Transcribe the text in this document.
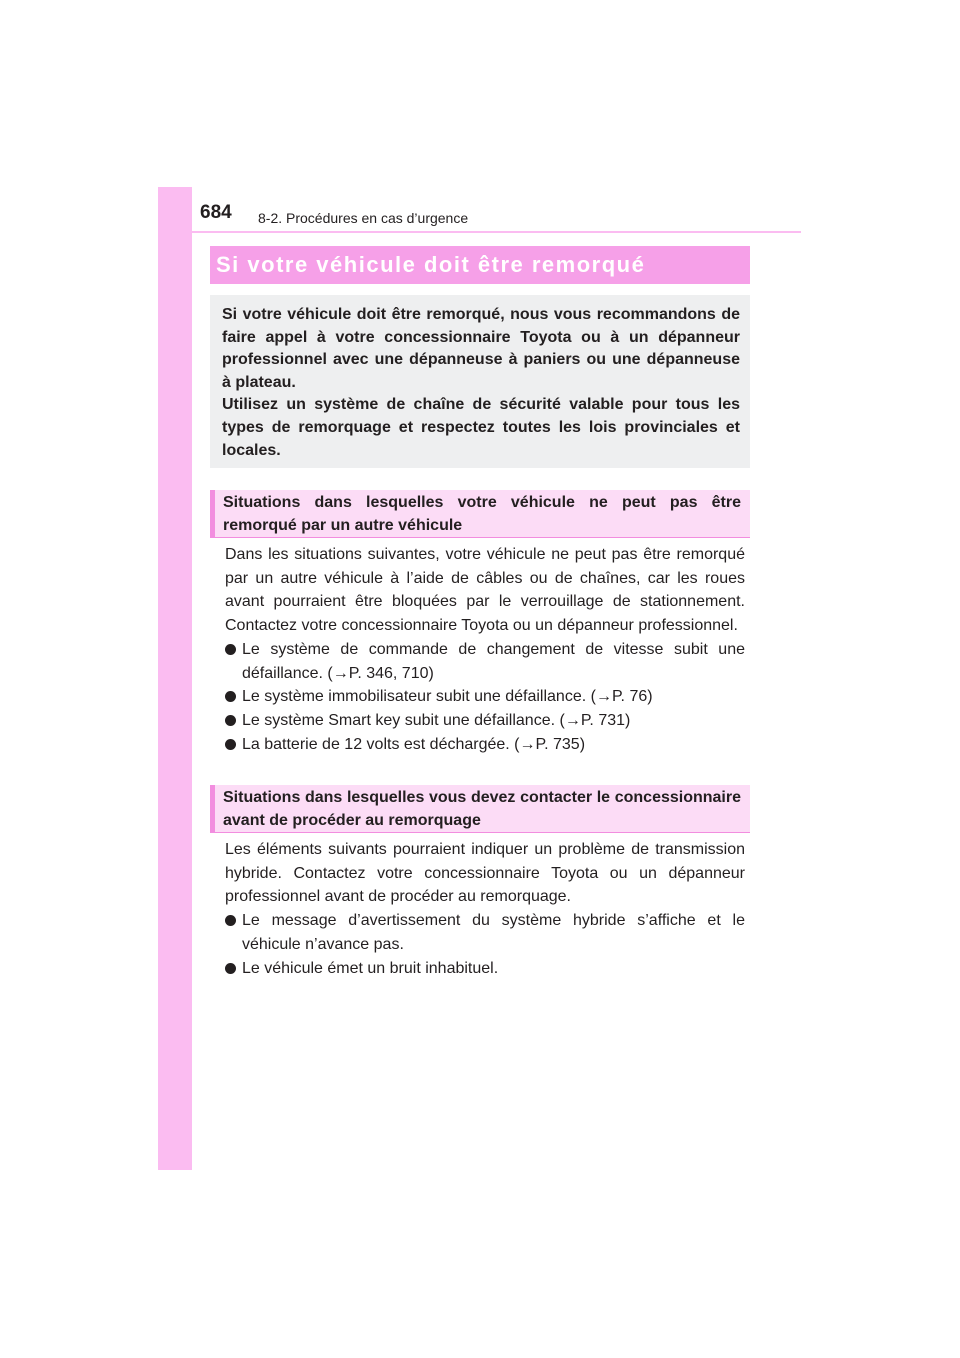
684 8-2. Procédures en cas d’urgence
Si votre véhicule doit être remorqué

Si votre véhicule doit être remorqué, nous vous recommandons de faire appel à votre concessionnaire Toyota ou à un dépanneur professionnel avec une dépanneuse à paniers ou une dépanneuse à plateau.

Utilisez un système de chaîne de sécurité valable pour tous les types de remorquage et respectez toutes les lois provinciales et locales.

Situations dans lesquelles votre véhicule ne peut pas être remorqué par un autre véhicule

Dans les situations suivantes, votre véhicule ne peut pas être remorqué par un autre véhicule à l’aide de câbles ou de chaînes, car les roues avant pourraient être bloquées par le verrouillage de stationnement. Contactez votre concessionnaire Toyota ou un dépanneur professionnel.

Le système de commande de changement de vitesse subit une défaillance. (→P. 346, 710)
Le système immobilisateur subit une défaillance. (→P. 76)
Le système Smart key subit une défaillance. (→P. 731)
La batterie de 12 volts est déchargée. (→P. 735)

Situations dans lesquelles vous devez contacter le concessionnaire avant de procéder au remorquage

Les éléments suivants pourraient indiquer un problème de transmission hybride. Contactez votre concessionnaire Toyota ou un dépanneur professionnel avant de procéder au remorquage.

Le message d’avertissement du système hybride s’affiche et le véhicule n’avance pas.
Le véhicule émet un bruit inhabituel.
